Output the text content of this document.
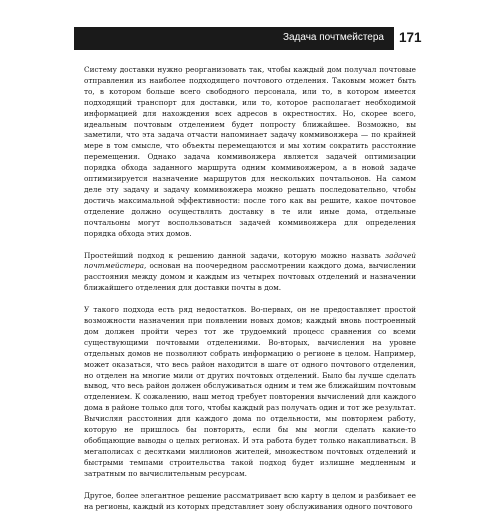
Задача почтмейстера 171

Систему доставки нужно реорганизовать так, чтобы каждый дом получал почтовые отправления из наиболее подходящего почтового отделения. Таковым может быть то, в котором больше всего свободного персонала, или то, в котором имеется подходящий транспорт для доставки, или то, которое располагает необходимой информацией для нахождения всех адресов в окрестностях. Но, скорее всего, идеальным почтовым отделением будет попросту ближайшее. Возможно, вы заметили, что эта задача отчасти напоминает задачу коммивояжера — по крайней мере в том смысле, что объекты перемещаются и мы хотим сократить расстояние перемещения. Однако задача коммивояжера является задачей оптимизации порядка обхода заданного маршрута одним коммивояжером, а в новой задаче оптимизируется назначение маршрутов для нескольких почтальонов. На самом деле эту задачу и задачу коммивояжера можно решать последовательно, чтобы достичь максимальной эффективности: после того как вы решите, какое почтовое отделение должно осуществлять доставку в те или иные дома, отдельные почтальоны могут воспользоваться задачей коммивояжера для определения порядка обхода этих домов.

Простейший подход к решению данной задачи, которую можно назвать задачей почтмейстера, основан на поочередном рассмотрении каждого дома, вычислении расстояния между домом и каждым из четырех почтовых отделений и назначении ближайшего отделения для доставки почты в дом.

У такого подхода есть ряд недостатков. Во-первых, он не предоставляет простой возможности назначения при появлении новых домов; каждый вновь построенный дом должен пройти через тот же трудоемкий процесс сравнения со всеми существующими почтовыми отделениями. Во-вторых, вычисления на уровне отдельных домов не позволяют собрать информацию о регионе в целом. Например, может оказаться, что весь район находится в шаге от одного почтового отделения, но отделен на многие мили от других почтовых отделений. Было бы лучше сделать вывод, что весь район должен обслуживаться одним и тем же ближайшим почтовым отделением. К сожалению, наш метод требует повторения вычислений для каждого дома в районе только для того, чтобы каждый раз получать один и тот же результат. Вычисляя расстояния для каждого дома по отдельности, мы повторяем работу, которую не пришлось бы повторять, если бы мы могли сделать какие-то обобщающие выводы о целых регионах. И эта работа будет только накапливаться. В мегаполисах с десятками миллионов жителей, множеством почтовых отделений и быстрыми темпами строительства такой подход будет излишне медленным и затратным по вычислительным ресурсам.

Другое, более элегантное решение рассматривает всю карту в целом и разбивает ее на регионы, каждый из которых представляет зону обслуживания одного почтового
